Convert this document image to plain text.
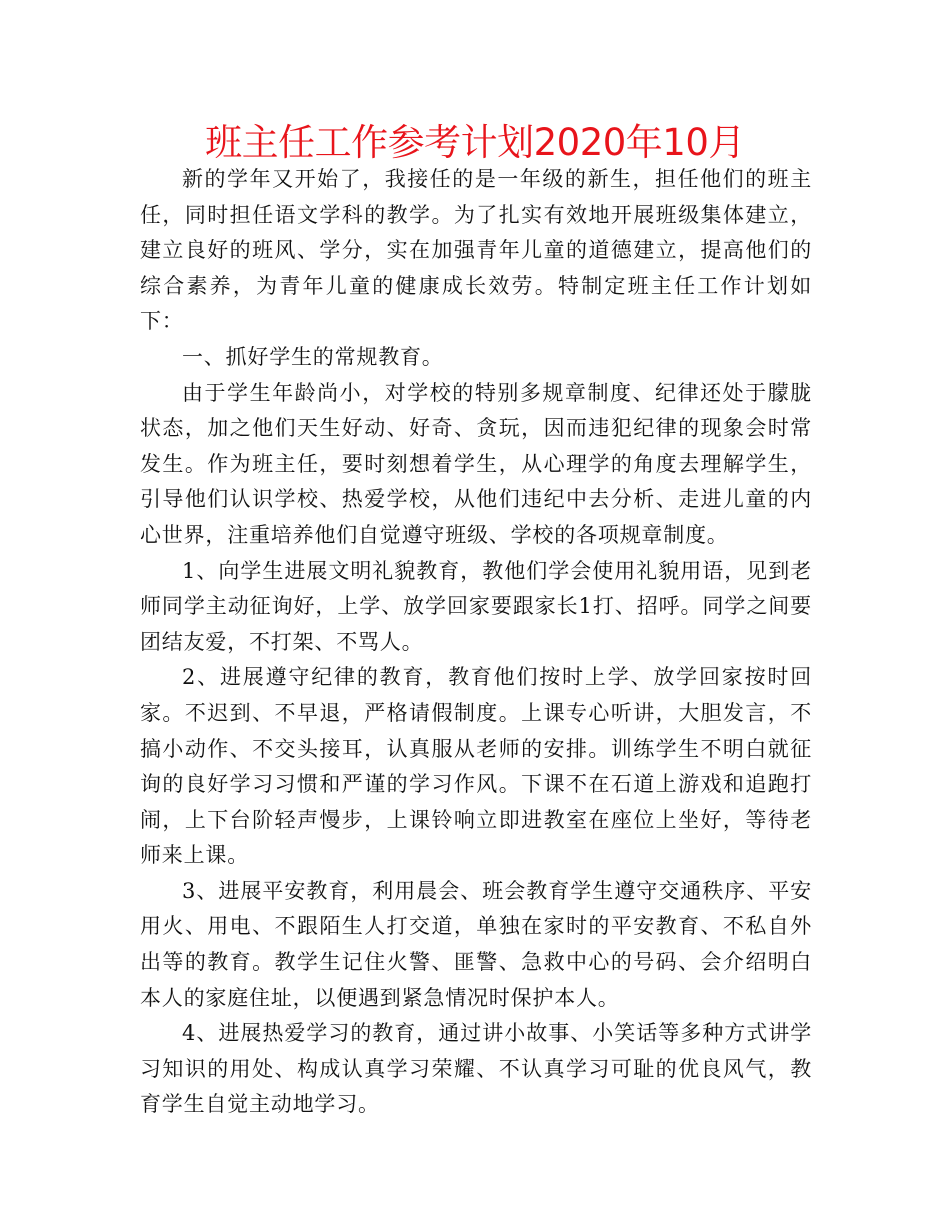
班主任工作参考计划2020年10月

新的学年又开始了，我接任的是一年级的新生，担任他们的班主任，同时担任语文学科的教学。为了扎实有效地开展班级集体建立，建立良好的班风、学分，实在加强青年儿童的道德建立，提高他们的综合素养，为青年儿童的健康成长效劳。特制定班主任工作计划如下：

一、抓好学生的常规教育。

由于学生年龄尚小，对学校的特别多规章制度、纪律还处于朦胧状态，加之他们天生好动、好奇、贪玩，因而违犯纪律的现象会时常发生。作为班主任，要时刻想着学生，从心理学的角度去理解学生，引导他们认识学校、热爱学校，从他们违纪中去分析、走进儿童的内心世界，注重培养他们自觉遵守班级、学校的各项规章制度。

1、向学生进展文明礼貌教育，教他们学会使用礼貌用语，见到老师同学主动征询好，上学、放学回家要跟家长1打、招呼。同学之间要团结友爱，不打架、不骂人。

2、进展遵守纪律的教育，教育他们按时上学、放学回家按时回家。不迟到、不早退，严格请假制度。上课专心听讲，大胆发言，不搞小动作、不交头接耳，认真服从老师的安排。训练学生不明白就征询的良好学习习惯和严谨的学习作风。下课不在石道上游戏和追跑打闹，上下台阶轻声慢步，上课铃响立即进教室在座位上坐好，等待老师来上课。

3、进展平安教育，利用晨会、班会教育学生遵守交通秩序、平安用火、用电、不跟陌生人打交道，单独在家时的平安教育、不私自外出等的教育。教学生记住火警、匪警、急救中心的号码、会介绍明白本人的家庭住址，以便遇到紧急情况时保护本人。

4、进展热爱学习的教育，通过讲小故事、小笑话等多种方式讲学习知识的用处、构成认真学习荣耀、不认真学习可耻的优良风气，教育学生自觉主动地学习。
